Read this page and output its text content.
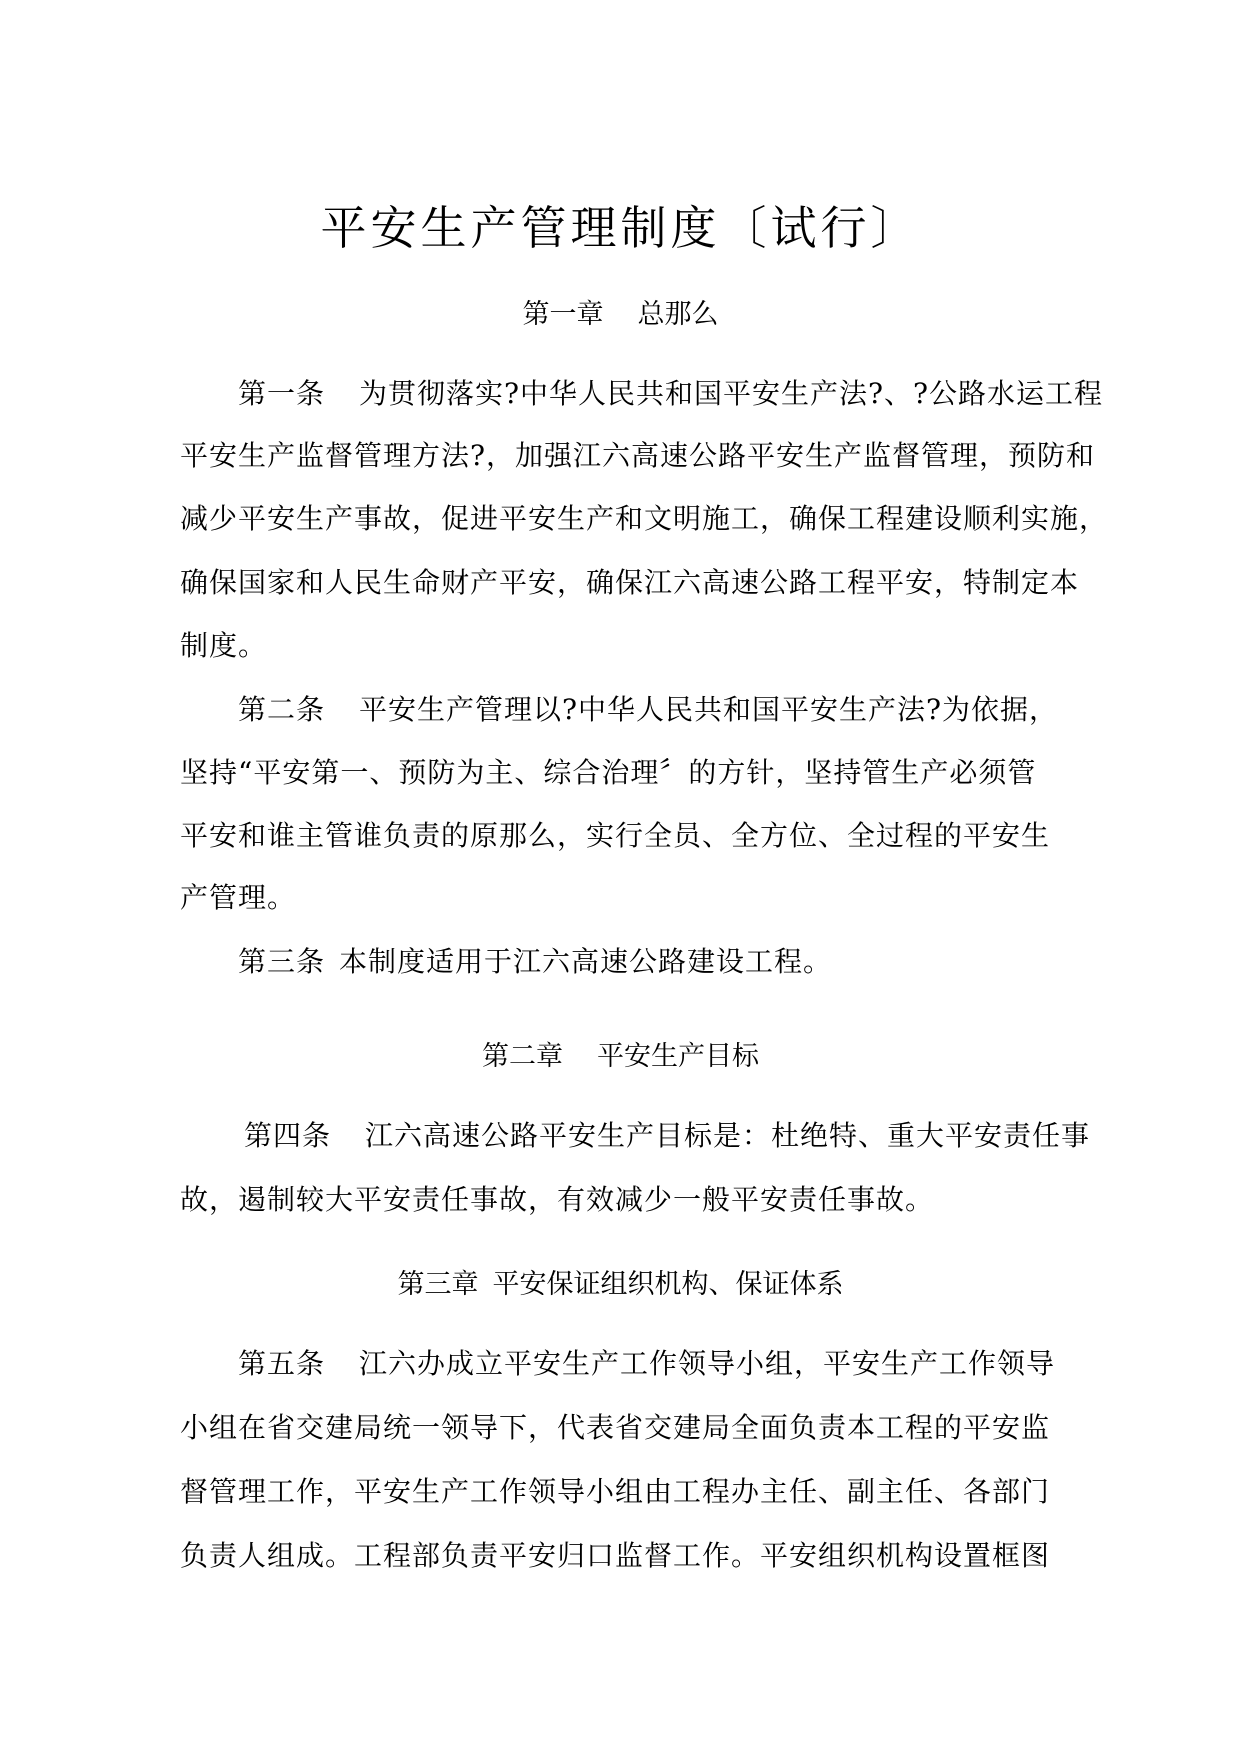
平安生产管理制度〔试行〕
第一章 总那么
第一条 为贯彻落实?中华人民共和国平安生产法?、?公路水运工程
平安生产监督管理方法?，加强江六高速公路平安生产监督管理，预防和
减少平安生产事故，促进平安生产和文明施工，确保工程建设顺利实施，
确保国家和人民生命财产平安，确保江六高速公路工程平安，特制定本
制度。
第二条 平安生产管理以?中华人民共和国平安生产法?为依据，
坚持“平安第一、预防为主、综合治理〞的方针，坚持管生产必须管
平安和谁主管谁负责的原那么，实行全员、全方位、全过程的平安生
产管理。
第三条 本制度适用于江六高速公路建设工程。
第二章 平安生产目标
第四条 江六高速公路平安生产目标是：杜绝特、重大平安责任事
故，遏制较大平安责任事故，有效减少一般平安责任事故。
第三章 平安保证组织机构、保证体系
第五条 江六办成立平安生产工作领导小组，平安生产工作领导
小组在省交建局统一领导下，代表省交建局全面负责本工程的平安监
督管理工作，平安生产工作领导小组由工程办主任、副主任、各部门
负责人组成。工程部负责平安归口监督工作。平安组织机构设置框图
